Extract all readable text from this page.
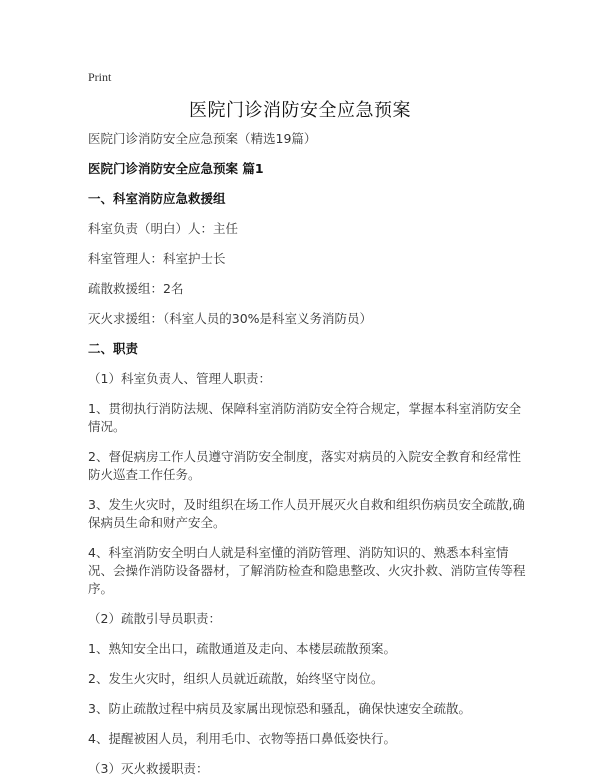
Print
医院门诊消防安全应急预案

医院门诊消防安全应急预案（精选19篇）

医院门诊消防安全应急预案 篇1

一、科室消防应急救援组

科室负责（明白）人：主任

科室管理人：科室护士长

疏散救援组：2名

灭火求援组：（科室人员的30%是科室义务消防员）

二、职责

（1）科室负责人、管理人职责：

1、贯彻执行消防法规、保障科室消防消防安全符合规定，掌握本科室消防安全情况。

2、督促病房工作人员遵守消防安全制度，落实对病员的入院安全教育和经常性防火巡查工作任务。

3、发生火灾时，及时组织在场工作人员开展灭火自救和组织伤病员安全疏散,确保病员生命和财产安全。

4、科室消防安全明白人就是科室懂的消防管理、消防知识的、熟悉本科室情况、会操作消防设备器材，了解消防检查和隐患整改、火灾扑救、消防宣传等程序。

（2）疏散引导员职责：

1、熟知安全出口，疏散通道及走向、本楼层疏散预案。

2、发生火灾时，组织人员就近疏散，始终坚守岗位。

3、防止疏散过程中病员及家属出现惊恐和骚乱，确保快速安全疏散。

4、提醒被困人员，利用毛巾、衣物等捂口鼻低姿快行。

（3）灭火救援职责：
